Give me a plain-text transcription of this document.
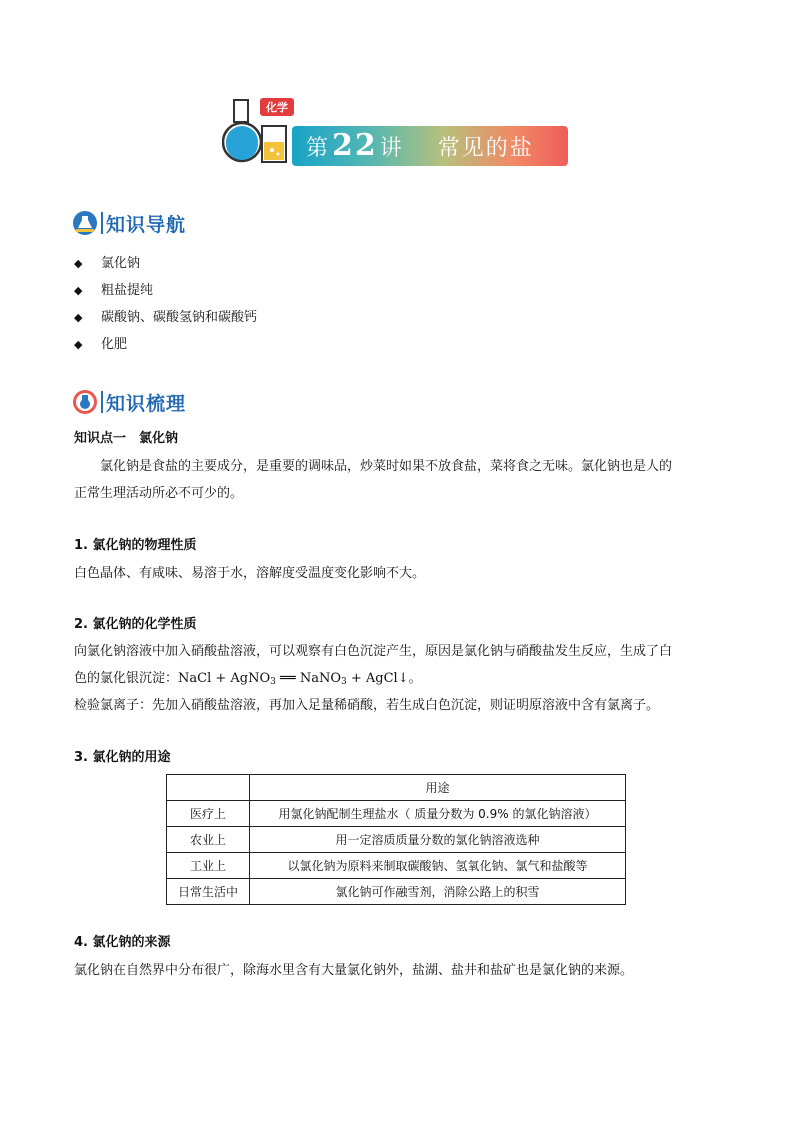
化学
第22讲 常见的盐
知识导航
◆ 氯化钠
◆ 粗盐提纯
◆ 碳酸钠、碳酸氢钠和碳酸钙
◆ 化肥
知识梳理
知识点一　氯化钠
　　氯化钠是食盐的主要成分，是重要的调味品，炒菜时如果不放食盐，菜将食之无味。氯化钠也是人的
正常生理活动所必不可少的。
1. 氯化钠的物理性质
白色晶体、有咸味、易溶于水，溶解度受温度变化影响不大。
2. 氯化钠的化学性质
向氯化钠溶液中加入硝酸盐溶液，可以观察有白色沉淀产生，原因是氯化钠与硝酸盐发生反应，生成了白
色的氯化银沉淀：NaCl + AgNO$_3$ ══ NaNO$_3$ + AgCl↓。
检验氯离子：先加入硝酸盐溶液，再加入足量稀硝酸，若生成白色沉淀，则证明原溶液中含有氯离子。
3. 氯化钠的用途
	用途
医疗上	用氯化钠配制生理盐水（ 质量分数为 0.9% 的氯化钠溶液）
农业上	用一定溶质质量分数的氯化钠溶液选种
工业上	以氯化钠为原料来制取碳酸钠、氢氧化钠、氯气和盐酸等
日常生活中	氯化钠可作融雪剂，消除公路上的积雪
4. 氯化钠的来源
氯化钠在自然界中分布很广，除海水里含有大量氯化钠外，盐湖、盐井和盐矿也是氯化钠的来源。
